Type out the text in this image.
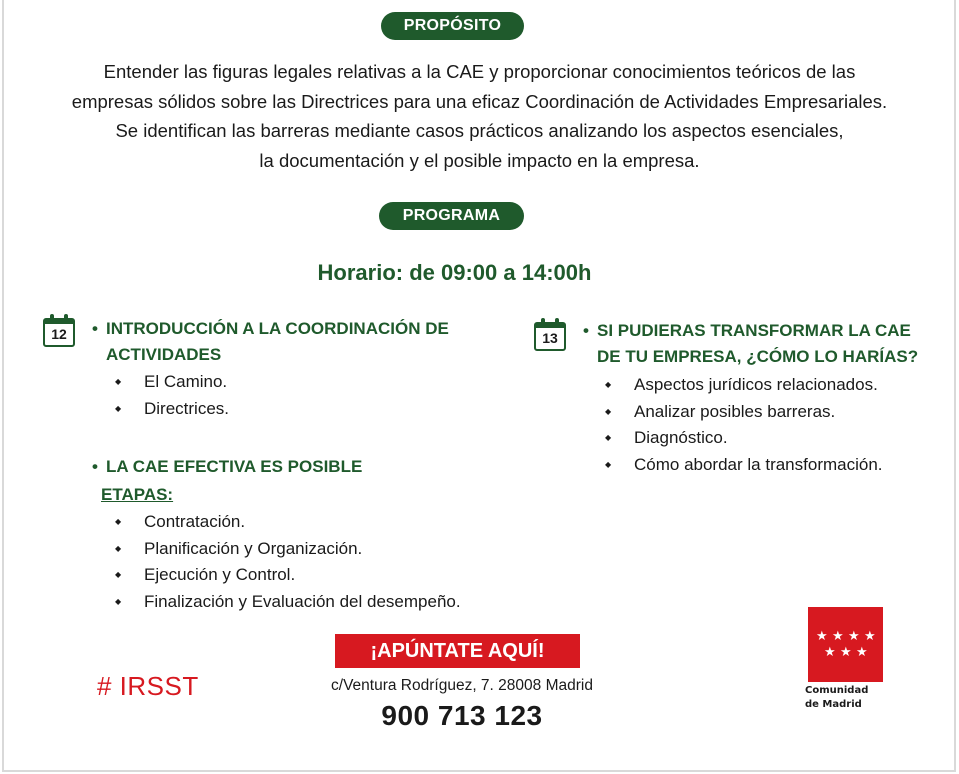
PROPÓSITO
Entender las figuras legales relativas a la CAE y proporcionar conocimientos teóricos de las
empresas sólidos sobre las Directrices para una eficaz Coordinación de Actividades Empresariales.
Se identifican las barreras mediante casos prácticos analizando los aspectos esenciales,
la documentación y el posible impacto en la empresa.
PROGRAMA
Horario: de 09:00 a 14:00h
12	• INTRODUCCIÓN A LA COORDINACIÓN DE
ACTIVIDADES
◆ El Camino.
◆ Directrices.
• LA CAE EFECTIVA ES POSIBLE
ETAPAS:
◆ Contratación.
◆ Planificación y Organización.
◆ Ejecución y Control.
◆ Finalización y Evaluación del desempeño.
13	• SI PUDIERAS TRANSFORMAR LA CAE
DE TU EMPRESA, ¿CÓMO LO HARÍAS?
◆ Aspectos jurídicos relacionados.
◆ Analizar posibles barreras.
◆ Diagnóstico.
◆ Cómo abordar la transformación.
¡APÚNTATE AQUÍ!
# IRSST	c/Ventura Rodríguez, 7. 28008 Madrid
900 713 123
★ ★ ★ ★
★ ★ ★
Comunidad
de Madrid
